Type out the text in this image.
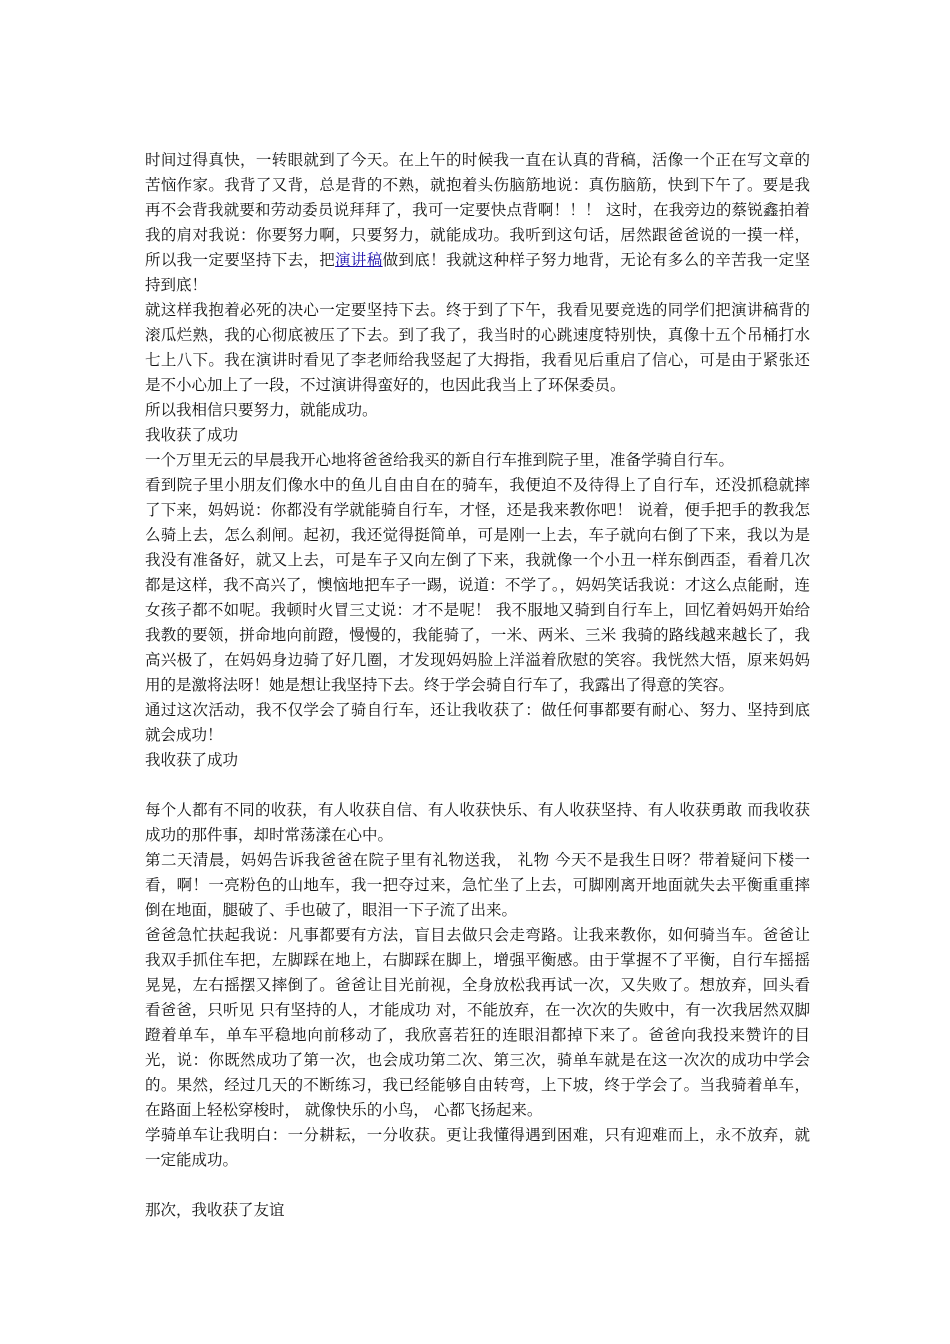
时间过得真快，一转眼就到了今天。在上午的时候我一直在认真的背稿，活像一个正在写文章的苦恼作家。我背了又背，总是背的不熟，就抱着头伤脑筋地说：真伤脑筋，快到下午了。要是我再不会背我就要和劳动委员说拜拜了，我可一定要快点背啊！！！ 这时，在我旁边的蔡锐鑫拍着我的肩对我说：你要努力啊，只要努力，就能成功。我听到这句话，居然跟爸爸说的一摸一样，所以我一定要坚持下去，把演讲稿做到底！我就这种样子努力地背，无论有多么的辛苦我一定坚持到底！

就这样我抱着必死的决心一定要坚持下去。终于到了下午，我看见要竞选的同学们把演讲稿背的滚瓜烂熟，我的心彻底被压了下去。到了我了，我当时的心跳速度特别快，真像十五个吊桶打水 七上八下。我在演讲时看见了李老师给我竖起了大拇指，我看见后重启了信心，可是由于紧张还是不小心加上了一段，不过演讲得蛮好的，也因此我当上了环保委员。

所以我相信只要努力，就能成功。

我收获了成功

一个万里无云的早晨我开心地将爸爸给我买的新自行车推到院子里，准备学骑自行车。

看到院子里小朋友们像水中的鱼儿自由自在的骑车，我便迫不及待得上了自行车，还没抓稳就摔了下来，妈妈说：你都没有学就能骑自行车，才怪，还是我来教你吧！ 说着，便手把手的教我怎么骑上去，怎么刹闸。起初，我还觉得挺简单，可是刚一上去，车子就向右倒了下来，我以为是我没有准备好，就又上去，可是车子又向左倒了下来，我就像一个小丑一样东倒西歪，看着几次都是这样，我不高兴了，懊恼地把车子一踢，说道：不学了。，妈妈笑话我说：才这么点能耐，连女孩子都不如呢。我顿时火冒三丈说：才不是呢！ 我不服地又骑到自行车上，回忆着妈妈开始给我教的要领，拼命地向前蹬，慢慢的，我能骑了，一米、两米、三米 我骑的路线越来越长了，我高兴极了，在妈妈身边骑了好几圈，才发现妈妈脸上洋溢着欣慰的笑容。我恍然大悟，原来妈妈用的是激将法呀！她是想让我坚持下去。终于学会骑自行车了，我露出了得意的笑容。

通过这次活动，我不仅学会了骑自行车，还让我收获了：做任何事都要有耐心、努力、坚持到底就会成功！

我收获了成功

每个人都有不同的收获，有人收获自信、有人收获快乐、有人收获坚持、有人收获勇敢 而我收获成功的那件事，却时常荡漾在心中。

第二天清晨，妈妈告诉我爸爸在院子里有礼物送我， 礼物 今天不是我生日呀？带着疑问下楼一看，啊！一亮粉色的山地车，我一把夺过来，急忙坐了上去，可脚刚离开地面就失去平衡重重摔倒在地面，腿破了、手也破了，眼泪一下子流了出来。

爸爸急忙扶起我说：凡事都要有方法，盲目去做只会走弯路。让我来教你，如何骑当车。爸爸让我双手抓住车把，左脚踩在地上，右脚踩在脚上，增强平衡感。由于掌握不了平衡，自行车摇摇晃晃，左右摇摆又摔倒了。爸爸让目光前视，全身放松我再试一次，又失败了。想放弃，回头看看爸爸，只听见 只有坚持的人，才能成功 对，不能放弃，在一次次的失败中，有一次我居然双脚蹬着单车，单车平稳地向前移动了，我欣喜若狂的连眼泪都掉下来了。爸爸向我投来赞许的目光，说：你既然成功了第一次，也会成功第二次、第三次，骑单车就是在这一次次的成功中学会的。果然，经过几天的不断练习，我已经能够自由转弯，上下坡，终于学会了。当我骑着单车， 在路面上轻松穿梭时， 就像快乐的小鸟， 心都飞扬起来。

学骑单车让我明白：一分耕耘，一分收获。更让我懂得遇到困难，只有迎难而上，永不放弃，就一定能成功。

那次，我收获了友谊
